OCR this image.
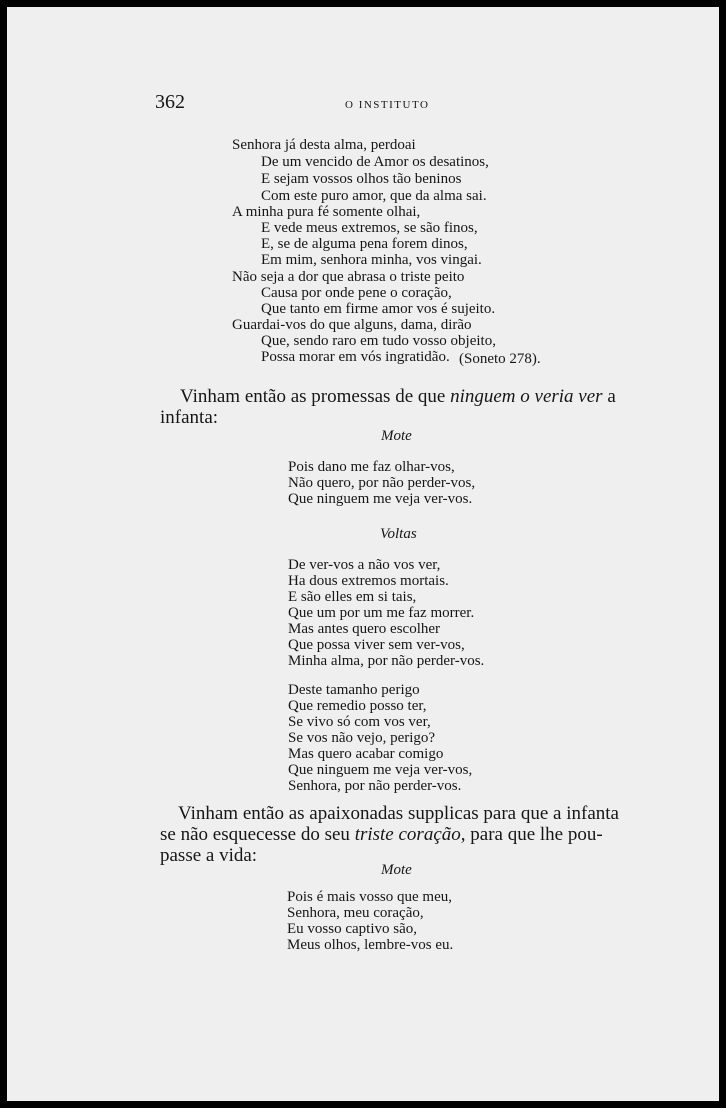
362	O INSTITUTO
Senhora já desta alma, perdoai
De um vencido de Amor os desatinos,
E sejam vossos olhos tão beninos
Com este puro amor, que da alma sai.
A minha pura fé somente olhai,
E vede meus extremos, se são finos,
E, se de alguma pena forem dinos,
Em mim, senhora minha, vos vingai.
Não seja a dor que abrasa o triste peito
Causa por onde pene o coração,
Que tanto em firme amor vos é sujeito.
Guardai-vos do que alguns, dama, dirão
Que, sendo raro em tudo vosso objeito,
Possa morar em vós ingratidão. (Soneto 278).
Vinham então as promessas de que ninguem o veria ver a
infanta:
Mote
Pois dano me faz olhar-vos,
Não quero, por não perder-vos,
Que ninguem me veja ver-vos.
Voltas
De ver-vos a não vos ver,
Ha dous extremos mortais.
E são elles em si tais,
Que um por um me faz morrer.
Mas antes quero escolher
Que possa viver sem ver-vos,
Minha alma, por não perder-vos.
Deste tamanho perigo
Que remedio posso ter,
Se vivo só com vos ver,
Se vos não vejo, perigo?
Mas quero acabar comigo
Que ninguem me veja ver-vos,
Senhora, por não perder-vos.
Vinham então as apaixonadas supplicas para que a infanta
se não esquecesse do seu triste coração, para que lhe pou-
passe a vida:
Mote
Pois é mais vosso que meu,
Senhora, meu coração,
Eu vosso captivo são,
Meus olhos, lembre-vos eu.
